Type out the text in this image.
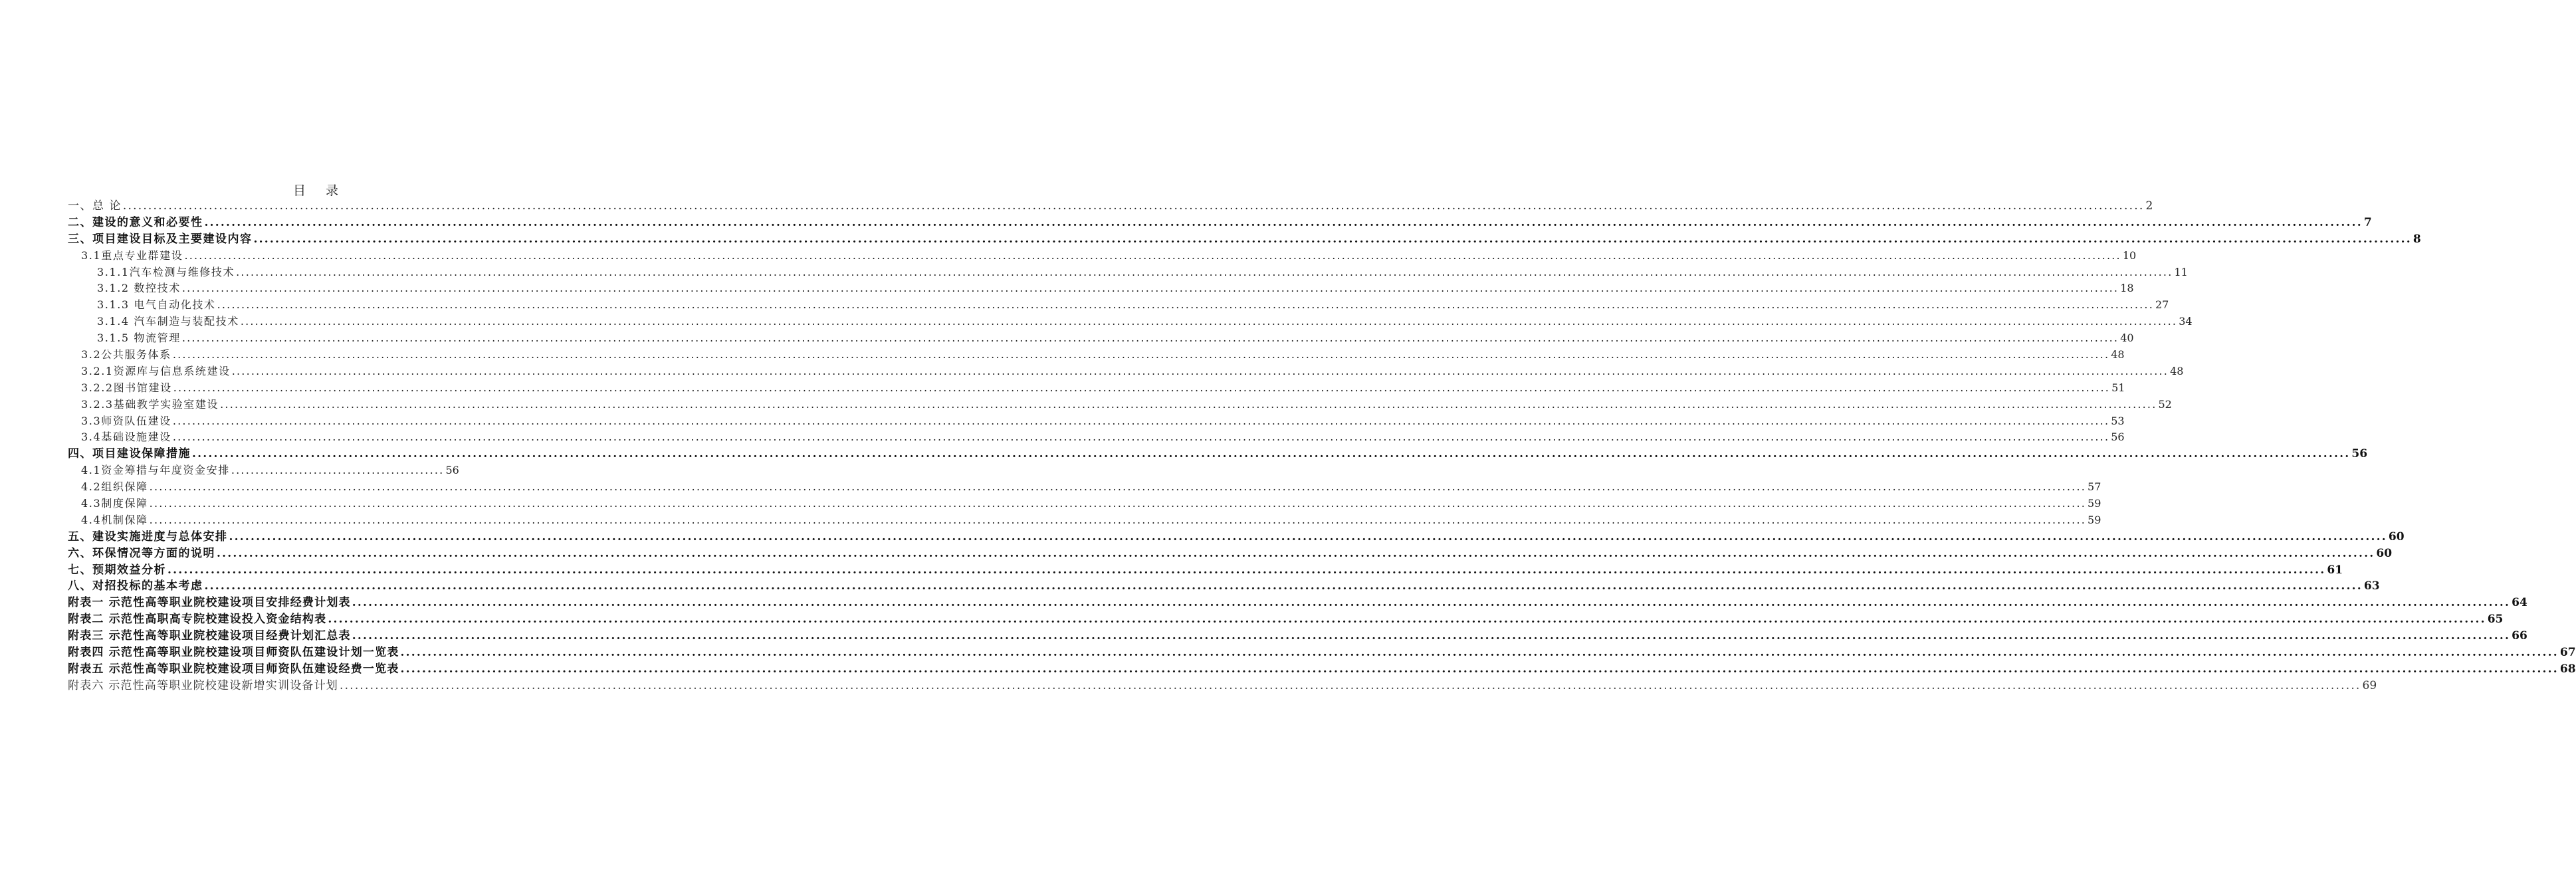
目 录
一、总 论 ................................................................................................................................................................................................................................................................................................................................................................................................................ 2
二、建设的意义和必要性 ................................................................................................................................................................................................................................................................................................................................................................................................................ 7
三、项目建设目标及主要建设内容 ................................................................................................................................................................................................................................................................................................................................................................................................................ 8
3.1重点专业群建设 ................................................................................................................................................................................................................................................................................................................................................................................................................ 10
3.1.1汽车检测与维修技术 ................................................................................................................................................................................................................................................................................................................................................................................................................ 11
3.1.2 数控技术 ................................................................................................................................................................................................................................................................................................................................................................................................................ 18
3.1.3 电气自动化技术 ................................................................................................................................................................................................................................................................................................................................................................................................................ 27
3.1.4 汽车制造与装配技术 ................................................................................................................................................................................................................................................................................................................................................................................................................ 34
3.1.5 物流管理 ................................................................................................................................................................................................................................................................................................................................................................................................................ 40
3.2公共服务体系 ................................................................................................................................................................................................................................................................................................................................................................................................................ 48
3.2.1资源库与信息系统建设 ................................................................................................................................................................................................................................................................................................................................................................................................................ 48
3.2.2图书馆建设 ................................................................................................................................................................................................................................................................................................................................................................................................................ 51
3.2.3基础教学实验室建设 ................................................................................................................................................................................................................................................................................................................................................................................................................ 52
3.3师资队伍建设 ................................................................................................................................................................................................................................................................................................................................................................................................................ 53
3.4基础设施建设 ................................................................................................................................................................................................................................................................................................................................................................................................................ 56
四、项目建设保障措施 ................................................................................................................................................................................................................................................................................................................................................................................................................ 56
4.1资金筹措与年度资金安排 ............................................ 56
4.2组织保障 ................................................................................................................................................................................................................................................................................................................................................................................................................ 57
4.3制度保障 ................................................................................................................................................................................................................................................................................................................................................................................................................ 59
4.4机制保障 ................................................................................................................................................................................................................................................................................................................................................................................................................ 59
五、建设实施进度与总体安排 ................................................................................................................................................................................................................................................................................................................................................................................................................ 60
六、环保情况等方面的说明 ................................................................................................................................................................................................................................................................................................................................................................................................................ 60
七、预期效益分析 ................................................................................................................................................................................................................................................................................................................................................................................................................ 61
八、对招投标的基本考虑 ................................................................................................................................................................................................................................................................................................................................................................................................................ 63
附表一 示范性高等职业院校建设项目安排经费计划表 ................................................................................................................................................................................................................................................................................................................................................................................................................ 64
附表二 示范性高职高专院校建设投入资金结构表 ................................................................................................................................................................................................................................................................................................................................................................................................................ 65
附表三 示范性高等职业院校建设项目经费计划汇总表 ................................................................................................................................................................................................................................................................................................................................................................................................................ 66
附表四 示范性高等职业院校建设项目师资队伍建设计划一览表 ................................................................................................................................................................................................................................................................................................................................................................................................................ 67
附表五 示范性高等职业院校建设项目师资队伍建设经费一览表 ................................................................................................................................................................................................................................................................................................................................................................................................................ 68
附表六 示范性高等职业院校建设新增实训设备计划 ................................................................................................................................................................................................................................................................................................................................................................................................................ 69
